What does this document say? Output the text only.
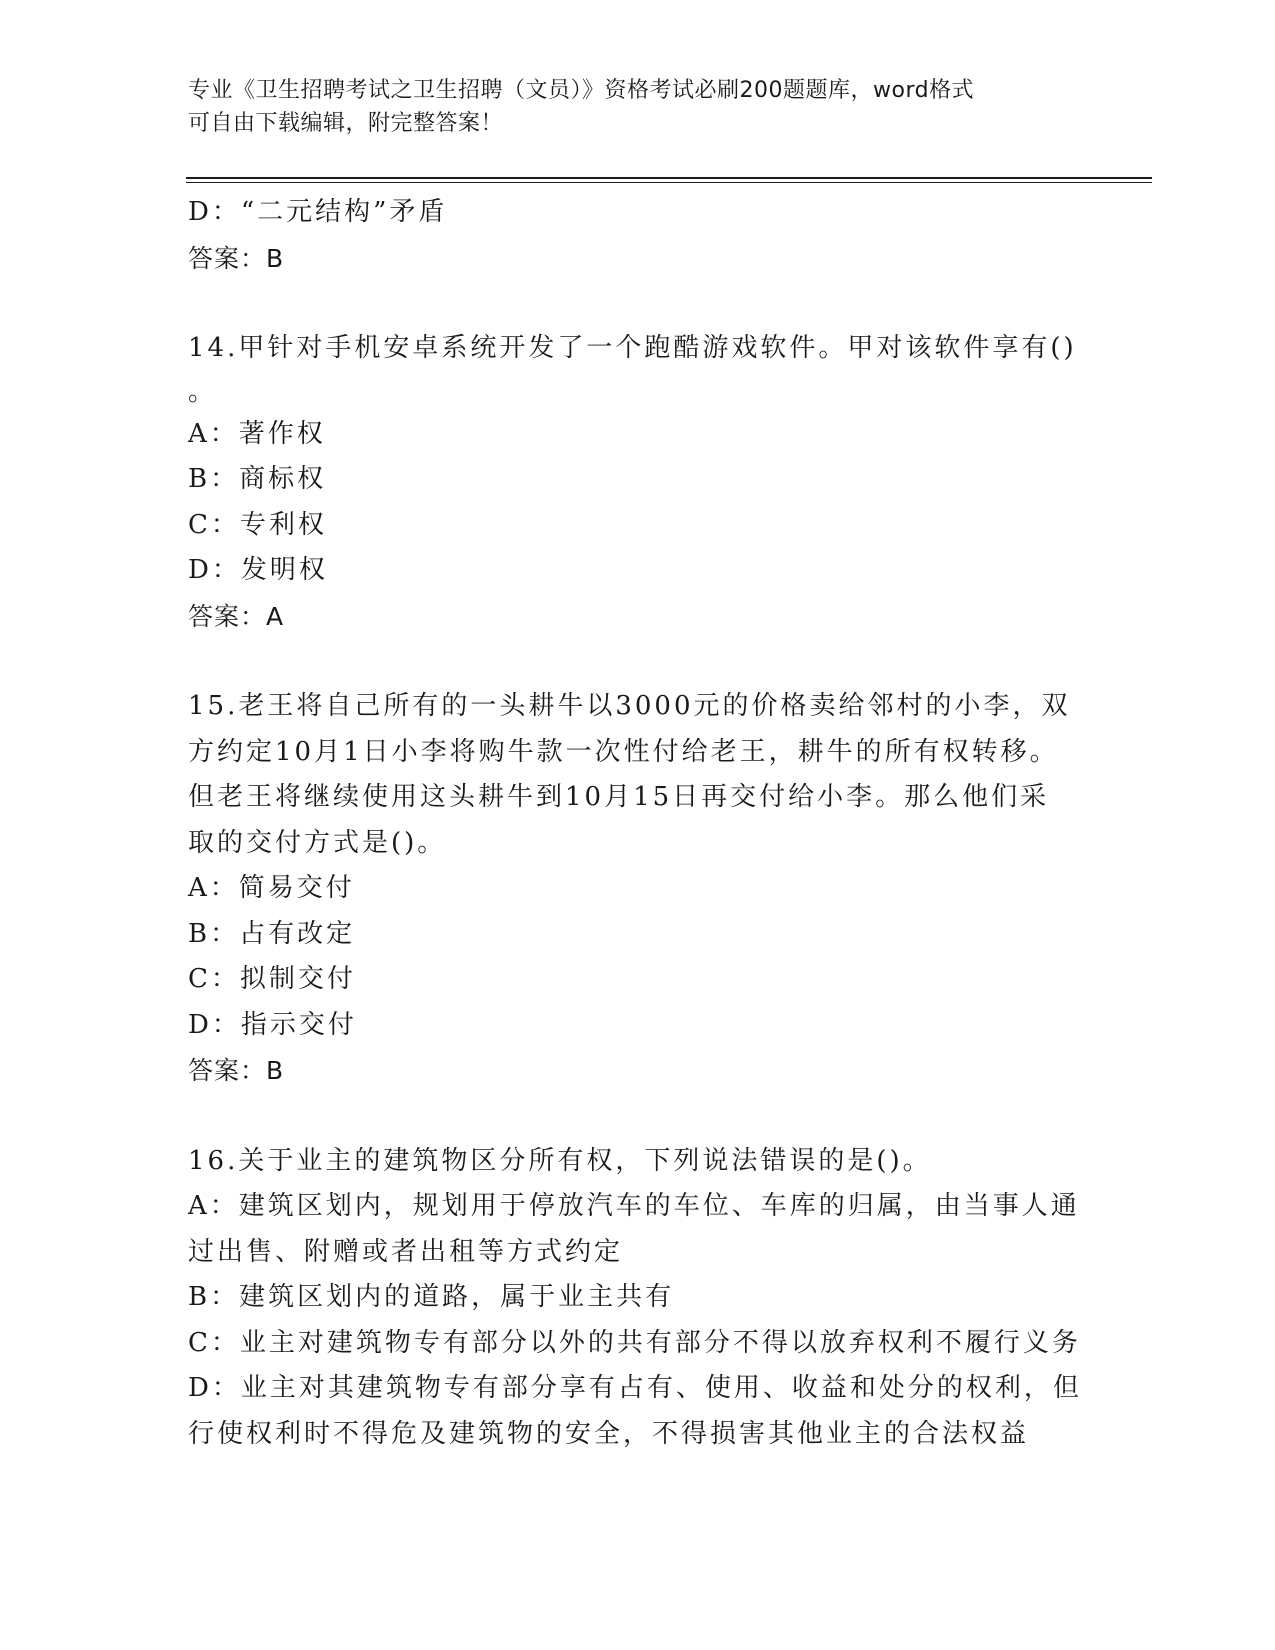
专业《卫生招聘考试之卫生招聘（文员）》资格考试必刷200题题库，word格式
可自由下载编辑，附完整答案！
D：“二元结构”矛盾
答案：B
14.甲针对手机安卓系统开发了一个跑酷游戏软件。甲对该软件享有()
。
A：著作权
B：商标权
C：专利权
D：发明权
答案：A
15.老王将自己所有的一头耕牛以3000元的价格卖给邻村的小李，双
方约定10月1日小李将购牛款一次性付给老王，耕牛的所有权转移。
但老王将继续使用这头耕牛到10月15日再交付给小李。那么他们采
取的交付方式是()。
A：简易交付
B：占有改定
C：拟制交付
D：指示交付
答案：B
16.关于业主的建筑物区分所有权，下列说法错误的是()。
A：建筑区划内，规划用于停放汽车的车位、车库的归属，由当事人通
过出售、附赠或者出租等方式约定
B：建筑区划内的道路，属于业主共有
C：业主对建筑物专有部分以外的共有部分不得以放弃权利不履行义务
D：业主对其建筑物专有部分享有占有、使用、收益和处分的权利，但
行使权利时不得危及建筑物的安全，不得损害其他业主的合法权益
